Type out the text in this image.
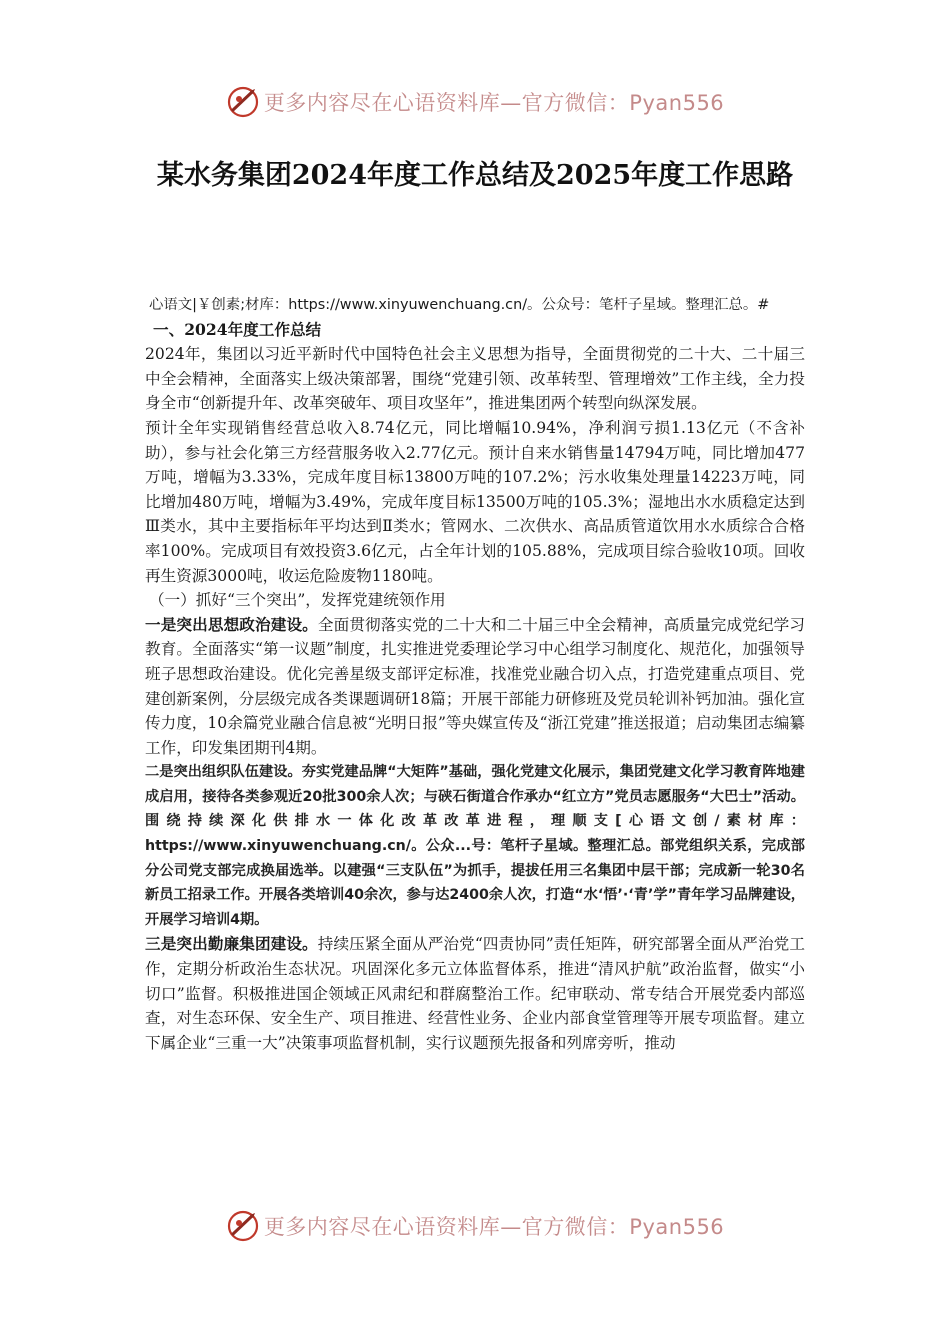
更多内容尽在心语资料库—官方微信：Pyan556
某水务集团2024年度工作总结及2025年度工作思路

心语文|￥创素;材库：https://www.xinyuwenchuang.cn/。公众号：笔杆子星域。整理汇总。#

一、2024年度工作总结

2024年，集团以习近平新时代中国特色社会主义思想为指导，全面贯彻党的二十大、二十届三中全会精神，全面落实上级决策部署，围绕“党建引领、改革转型、管理增效”工作主线，全力投身全市“创新提升年、改革突破年、项目攻坚年”，推进集团两个转型向纵深发展。

预计全年实现销售经营总收入8.74亿元，同比增幅10.94%，净利润亏损1.13亿元（不含补助），参与社会化第三方经营服务收入2.77亿元。预计自来水销售量14794万吨，同比增加477万吨，增幅为3.33%，完成年度目标13800万吨的107.2%；污水收集处理量14223万吨，同比增加480万吨，增幅为3.49%，完成年度目标13500万吨的105.3%；湿地出水水质稳定达到Ⅲ类水，其中主要指标年平均达到Ⅱ类水；管网水、二次供水、高品质管道饮用水水质综合合格率100%。完成项目有效投资3.6亿元，占全年计划的105.88%，完成项目综合验收10项。回收再生资源3000吨，收运危险废物1180吨。

（一）抓好“三个突出”，发挥党建统领作用

一是突出思想政治建设。全面贯彻落实党的二十大和二十届三中全会精神，高质量完成党纪学习教育。全面落实“第一议题”制度，扎实推进党委理论学习中心组学习制度化、规范化，加强领导班子思想政治建设。优化完善星级支部评定标准，找准党业融合切入点，打造党建重点项目、党建创新案例，分层级完成各类课题调研18篇；开展干部能力研修班及党员轮训补钙加油。强化宣传力度，10余篇党业融合信息被“光明日报”等央媒宣传及“浙江党建”推送报道；启动集团志编纂工作，印发集团期刊4期。

二是突出组织队伍建设。夯实党建品牌“大矩阵”基础，强化党建文化展示，集团党建文化学习教育阵地建成启用，接待各类参观近20批300余人次；与硖石街道合作承办“红立方”党员志愿服务“大巴士”活动。围绕持续深化供排水一体化改革改革进程，理顺支[心语文创/素材库：https://www.xinyuwenchuang.cn/。公众...号：笔杆子星域。整理汇总。部党组织关系，完成部分公司党支部完成换届选举。以建强“三支队伍”为抓手，提拔任用三名集团中层干部；完成新一轮30名新员工招录工作。开展各类培训40余次，参与达2400余人次，打造“水‘悟’·‘青’学”青年学习品牌建设，开展学习培训4期。

三是突出勤廉集团建设。持续压紧全面从严治党“四责协同”责任矩阵，研究部署全面从严治党工作，定期分析政治生态状况。巩固深化多元立体监督体系，推进“清风护航”政治监督，做实“小切口”监督。积极推进国企领域正风肃纪和群腐整治工作。纪审联动、常专结合开展党委内部巡查，对生态环保、安全生产、项目推进、经营性业务、企业内部食堂管理等开展专项监督。建立下属企业“三重一大”决策事项监督机制，实行议题预先报备和列席旁听，推动

更多内容尽在心语资料库—官方微信：Pyan556
